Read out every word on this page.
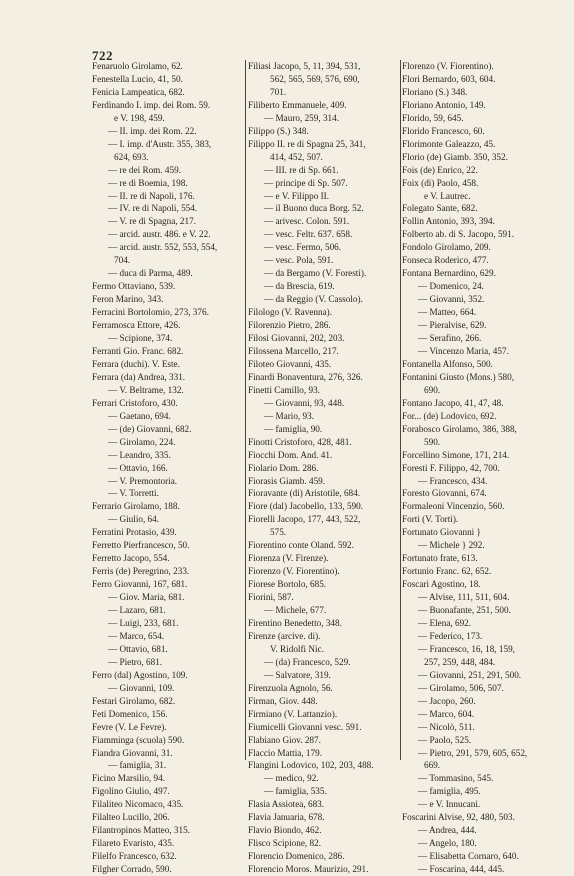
722
Fenaruolo Girolamo, 62.
Fenestella Lucio, 41, 50.
Fenicia Lampeatica, 682.
Ferdinando I. imp. dei Rom. 59.
e V. 198, 459.
— II. imp. dei Rom. 22.
— I. imp. d'Austr. 355, 383,
624, 693.
— re dei Rom. 459.
— re di Boemia, 198.
— II. re di Napoli, 176.
— IV. re di Napoli, 554.
— V. re di Spagna, 217.
— arcid. austr. 486. e V. 22.
— arcid. austr. 552, 553, 554,
704.
— duca di Parma, 489.
Fermo Ottaviano, 539.
Feron Marino, 343.
Ferracini Bortolomio, 273, 376.
Ferramosca Ettore, 426.
— Scipione, 374.
Ferranti Gio. Franc. 682.
Ferrara (duchi). V. Este.
Ferrara (da) Andrea, 331.
— V. Beltrame, 132.
Ferrari Cristoforo, 430.
— Gaetano, 694.
— (de) Giovanni, 682.
— Girolamo, 224.
— Leandro, 335.
— Ottavio, 166.
— V. Premontoria.
— V. Torretti.
Ferrario Girolamo, 188.
— Giulio, 64.
Ferratini Protasio, 439.
Ferretto Pierfrancesco, 50.
Ferretto Jacopo, 554.
Ferris (de) Peregrino, 233.
Ferro Giovanni, 167, 681.
— Giov. Maria, 681.
— Lazaro, 681.
— Luigi, 233, 681.
— Marco, 654.
— Ottavio, 681.
— Pietro, 681.
Ferro (dal) Agostino, 109.
— Giovanni, 109.
Festari Girolamo, 682.
Feti Domenico, 156.
Fevre (V. Le Fevre).
Fiamminga (scuola) 590.
Fiandra Giovanni, 31.
— famiglia, 31.
Ficino Marsilio, 94.
Figolino Giulio, 497.
Filaliteo Nicomaco, 435.
Filalteo Lucillo, 206.
Filantropinos Matteo, 315.
Filareto Evaristo, 435.
Filelfo Francesco, 632.
Filgher Corrado, 590.
Filiasi Jacopo, 5, 11, 394, 531,
562, 565, 569, 576, 690,
701.
Filiberto Emmanuele, 409.
— Mauro, 259, 314.
Filippo (S.) 348.
Filippo II. re di Spagna 25, 341,
414, 452, 507.
— III. re di Sp. 661.
— principe di Sp. 507.
— e V. Filippo II.
— il Buono duca Borg. 52.
— arivesc. Colon. 591.
— vesc. Feltr. 637. 658.
— vesc. Fermo, 506.
— vesc. Pola, 591.
— da Bergamo (V. Foresti).
— da Brescia, 619.
— da Reggio (V. Cassolo).
Filologo (V. Ravenna).
Filorenzio Pietro, 286.
Filosi Giovanni, 202, 203.
Filossena Marcello, 217.
Filoteo Giovanni, 435.
Finardi Bonaventura, 276, 326.
Finetti Camillo, 93.
— Giovanni, 93, 448.
— Mario, 93.
— famiglia, 90.
Finotti Cristoforo, 428, 481.
Fiocchi Dom. And. 41.
Fiolario Dom. 286.
Fiorasis Giamb. 459.
Fioravante (di) Aristotile, 684.
Fiore (dal) Jacobello, 133, 590.
Fiorelli Jacopo, 177, 443, 522,
575.
Fiorentino conte Oland. 592.
Fiorenza (V. Firenze).
Fiorenzo (V. Fiorentino).
Fiorese Bortolo, 685.
Fiorini, 587.
— Michele, 677.
Firentino Benedetto, 348.
Firenze (arcive. di).
V. Ridolfi Nic.
— (da) Francesco, 529.
— Salvatore, 319.
Firenzuola Agnolo, 56.
Firman, Giov. 448.
Firmiano (V. Lattanzio).
Fiumicelli Giovanni vesc. 591.
Flabiano Giov. 287.
Flaccio Mattia, 179.
Flangini Lodovico, 102, 203, 488.
— medico, 92.
— famiglia, 535.
Flasia Assiotea, 683.
Flavia Januaria, 678.
Flavio Biondo, 462.
Flisco Scipione, 82.
Florencio Domenico, 286.
Florencio Moros. Maurizio, 291.
Florenzo (V. Fiorentino).
Flori Bernardo, 603, 604.
Floriano (S.) 348.
Floriano Antonio, 149.
Florido, 59, 645.
Florido Francesco, 60.
Florimonte Galeazzo, 45.
Florio (de) Giamb. 350, 352.
Fois (de) Enrico, 22.
Foix (di) Paolo, 458.
e V. Lautrec.
Folegato Sante, 682.
Follin Antonio, 393, 394.
Folberto ab. di S. Jacopo, 591.
Fondolo Girolamo, 209.
Fonseca Roderico, 477.
Fontana Bernardino, 629.
— Domenico, 24.
— Giovanni, 352.
— Matteo, 664.
— Pieralvise, 629.
— Serafino, 266.
— Vincenzo Maria, 457.
Fontanella Alfonso, 500.
Fontanini Giusto (Mons.) 580,
690.
Fontano Jacopo, 41, 47, 48.
For... (de) Lodovico, 692.
Forabosco Girolamo, 386, 388,
590.
Forcellino Simone, 171, 214.
Foresti F. Filippo, 42, 700.
— Francesco, 434.
Foresto Giovanni, 674.
Formaleoni Vincenzio, 560.
Forti (V. Torti).
Fortunato Giovanni }
— Michele } 292.
Fortunato frate, 613.
Fortunio Franc. 62, 652.
Foscari Agostino, 18.
— Alvise, 111, 511, 604.
— Buonafante, 251, 500.
— Elena, 692.
— Federico, 173.
— Francesco, 16, 18, 159,
257, 259, 448, 484.
— Giovanni, 251, 291, 500.
— Girolamo, 506, 507.
— Jacopo, 260.
— Marco, 604.
— Nicolò, 511.
— Paolo, 525.
— Pietro, 291, 579, 605, 652,
669.
— Tommasino, 545.
— famiglia, 495.
— e V. Innucani.
Foscarini Alvise, 92, 480, 503.
— Andrea, 444.
— Angelo, 180.
— Elisabetta Cornaro, 640.
— Foscarina, 444, 445.
